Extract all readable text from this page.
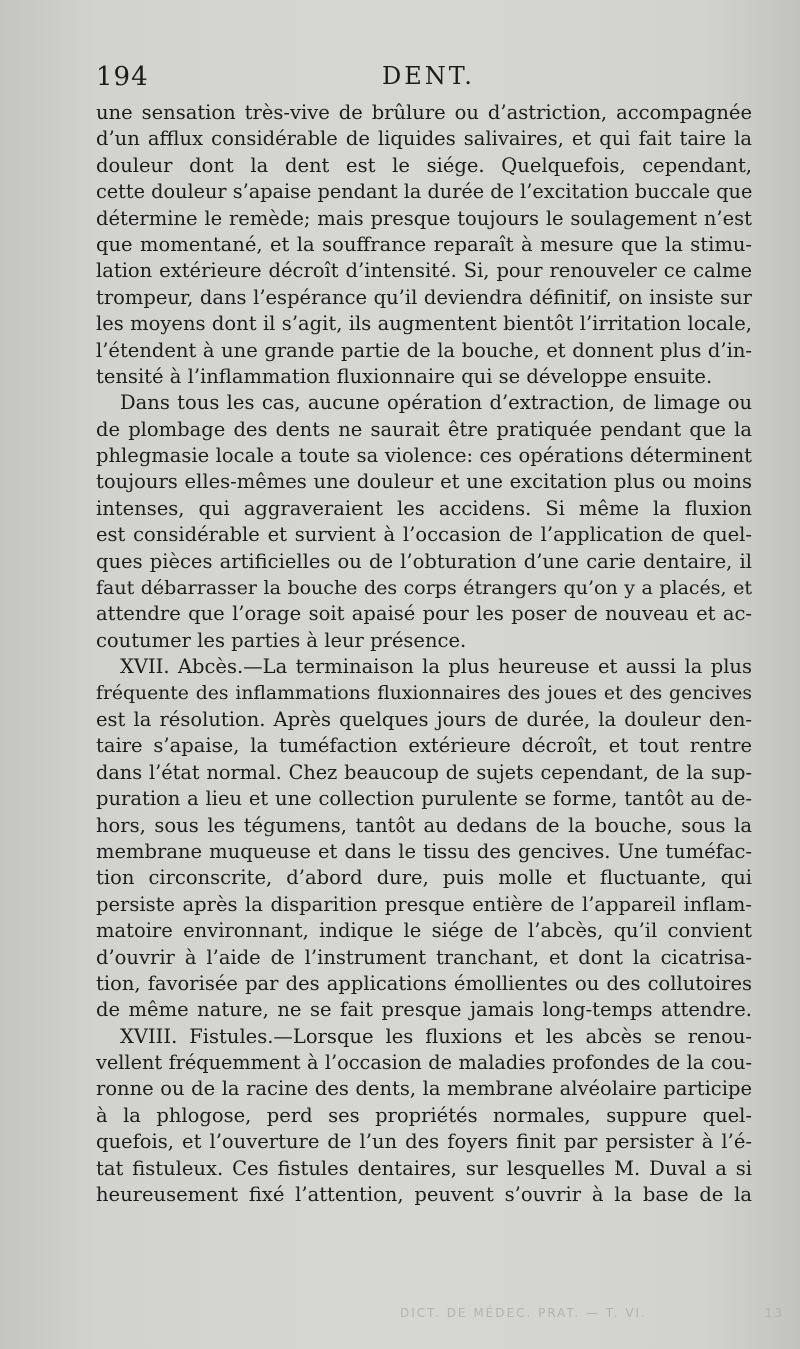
194	DENT.
une sensation très-vive de brûlure ou d’astriction, accompagnée
d’un afflux considérable de liquides salivaires, et qui fait taire la
douleur dont la dent est le siége. Quelquefois, cependant,
cette douleur s’apaise pendant la durée de l’excitation buccale que
détermine le remède; mais presque toujours le soulagement n’est
que momentané, et la souffrance reparaît à mesure que la stimu-
lation extérieure décroît d’intensité. Si, pour renouveler ce calme
trompeur, dans l’espérance qu’il deviendra définitif, on insiste sur
les moyens dont il s’agit, ils augmentent bientôt l’irritation locale,
l’étendent à une grande partie de la bouche, et donnent plus d’in-
tensité à l’inflammation fluxionnaire qui se développe ensuite.
Dans tous les cas, aucune opération d’extraction, de limage ou
de plombage des dents ne saurait être pratiquée pendant que la
phlegmasie locale a toute sa violence: ces opérations déterminent
toujours elles-mêmes une douleur et une excitation plus ou moins
intenses, qui aggraveraient les accidens. Si même la fluxion
est considérable et survient à l’occasion de l’application de quel-
ques pièces artificielles ou de l’obturation d’une carie dentaire, il
faut débarrasser la bouche des corps étrangers qu’on y a placés, et
attendre que l’orage soit apaisé pour les poser de nouveau et ac-
coutumer les parties à leur présence.
XVII. Abcès.—La terminaison la plus heureuse et aussi la plus
fréquente des inflammations fluxionnaires des joues et des gencives
est la résolution. Après quelques jours de durée, la douleur den-
taire s’apaise, la tuméfaction extérieure décroît, et tout rentre
dans l’état normal. Chez beaucoup de sujets cependant, de la sup-
puration a lieu et une collection purulente se forme, tantôt au de-
hors, sous les tégumens, tantôt au dedans de la bouche, sous la
membrane muqueuse et dans le tissu des gencives. Une tuméfac-
tion circonscrite, d’abord dure, puis molle et fluctuante, qui
persiste après la disparition presque entière de l’appareil inflam-
matoire environnant, indique le siége de l’abcès, qu’il convient
d’ouvrir à l’aide de l’instrument tranchant, et dont la cicatrisa-
tion, favorisée par des applications émollientes ou des collutoires
de même nature, ne se fait presque jamais long-temps attendre.
XVIII. Fistules.—Lorsque les fluxions et les abcès se renou-
vellent fréquemment à l’occasion de maladies profondes de la cou-
ronne ou de la racine des dents, la membrane alvéolaire participe
à la phlogose, perd ses propriétés normales, suppure quel-
quefois, et l’ouverture de l’un des foyers finit par persister à l’é-
tat fistuleux. Ces fistules dentaires, sur lesquelles M. Duval a si
heureusement fixé l’attention, peuvent s’ouvrir à la base de la
DICT. DE MÉDEC. PRAT. — T. VI.	13
